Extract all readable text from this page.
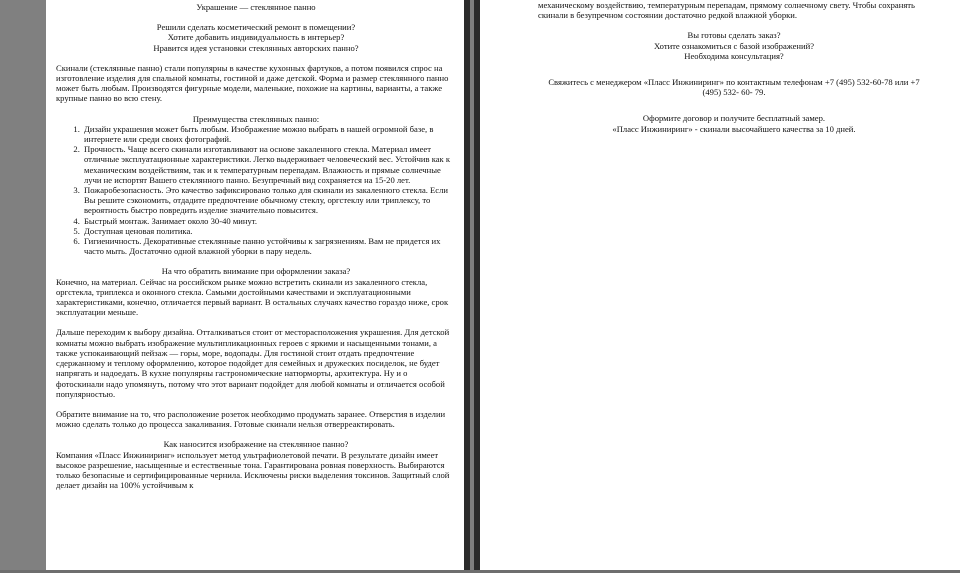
Украшение — стеклянное панно

Решили сделать косметический ремонт в помещении?

Хотите добавить индивидуальность в интерьер?

Нравится идея установки стеклянных авторских панно?

Скинали (стеклянные панно) стали популярны в качестве кухонных фартуков, а потом появился спрос на изготовление изделия для спальной комнаты, гостиной и даже детской. Форма и размер стеклянного панно может быть любым. Производятся фигурные модели, маленькие, похожие на картины, варианты, а также крупные панно во всю стену.

Преимущества стеклянных панно:

1. Дизайн украшения может быть любым. Изображение можно выбрать в нашей огромной базе, в интернете или среди своих фотографий.
2. Прочность. Чаще всего скинали изготавливают на основе закаленного стекла. Материал имеет отличные эксплуатационные характеристики. Легко выдерживает человеческий вес. Устойчив как к механическим воздействиям, так и к температурным перепадам. Влажность и прямые солнечные лучи не испортят Вашего стеклянного панно. Безупречный вид сохраняется на 15-20 лет.
3. Пожаробезопасность. Это качество зафиксировано только для скинали из закаленного стекла. Если Вы решите сэкономить, отдадите предпочтение обычному стеклу, оргстеклу или триплексу, то вероятность быстро повредить изделие значительно повысится.
4. Быстрый монтаж. Занимает около 30-40 минут.
5. Доступная ценовая политика.
6. Гигиеничность. Декоративные стеклянные панно устойчивы к загрязнениям. Вам не придется их часто мыть. Достаточно одной влажной уборки в пару недель.

На что обратить внимание при оформлении заказа?

Конечно, на материал. Сейчас на российском рынке можно встретить скинали из закаленного стекла, оргстекла, триплекса и оконного стекла. Самыми достойными качествами и эксплуатационными характеристиками, конечно, отличается первый вариант. В остальных случаях качество гораздо ниже, срок эксплуатации меньше.

Дальше переходим к выбору дизайна. Отталкиваться стоит от месторасположения украшения. Для детской комнаты можно выбрать изображение мультипликационных героев с яркими и насыщенными тонами, а также успокаивающий пейзаж — горы, море, водопады. Для гостиной стоит отдать предпочтение сдержанному и теплому оформлению, которое подойдет для семейных и дружеских посиделок, не будет напрягать и надоедать. В кухне популярны гастрономические натюрморты, архитектура. Ну и о фотоскинали надо упомянуть, потому что этот вариант подойдет для любой комнаты и отличается особой популярностью.

Обратите внимание на то, что расположение розеток необходимо продумать заранее. Отверстия в изделии можно сделать только до процесса закаливания. Готовые скинали нельзя отверреактировать.

Как наносится изображение на стеклянное панно?

Компания «Пласс Инжиниринг» использует метод ультрафиолетовой печати. В результате дизайн имеет высокое разрешение, насыщенные и естественные тона. Гарантирована ровная поверхность. Выбираются только безопасные и сертифицированные чернила. Исключены риски выделения токсинов. Защитный слой делает дизайн на 100% устойчивым к

механическому воздействию, температурным перепадам, прямому солнечному свету. Чтобы сохранять скинали в безупречном состоянии достаточно редкой влажной уборки.

Вы готовы сделать заказ?

Хотите ознакомиться с базой изображений?

Необходима консультация?

Свяжитесь с менеджером «Пласс Инжиниринг» по контактным телефонам +7 (495) 532-60-78 или +7 (495) 532- 60- 79.

Оформите договор и получите бесплатный замер.

«Пласс Инжиниринг» - скинали высочайшего качества за 10 дней.
